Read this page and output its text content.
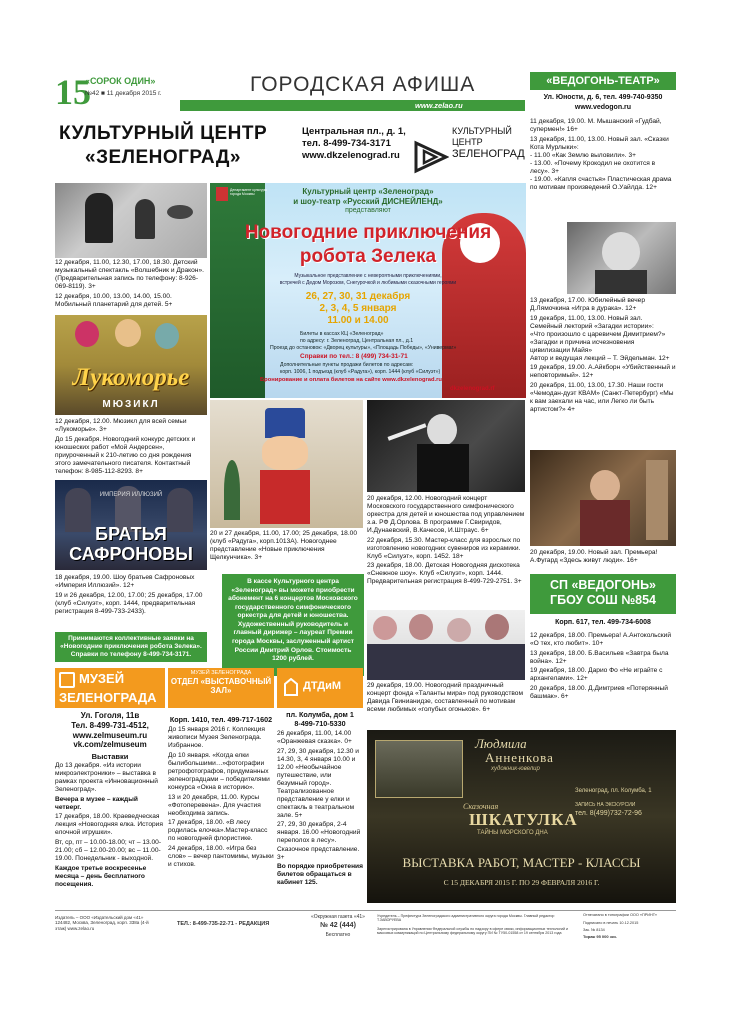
15
«СОРОК ОДИН»
№42 ■ 11 декабря 2015 г.	ГОРОДСКАЯ АФИША
www.zelao.ru
КУЛЬТУРНЫЙ ЦЕНТР
«ЗЕЛЕНОГРАД»
Центральная пл., д. 1,
тел. 8-499-734-3171
www.dkzelenograd.ru
КУЛЬТУРНЫЙ
ЦЕНТР
ЗЕЛЕНОГРАД

12 декабря, 11.00, 12.30, 17.00, 18.30. Детский музыкальный спектакль «Волшебник и Дракон». (Предварительная запись по телефону: 8-926-069-8119). 3+

12 декабря, 10.00, 13.00, 14.00, 15.00. Мобильный планетарий для детей. 5+

Лукоморье
МЮЗИКЛ

12 декабря, 12.00. Мюзикл для всей семьи «Лукоморье». 3+

До 15 декабря. Новогодний конкурс детских и юношеских работ «Мой Андерсен», приуроченный к 210-летию со дня рождения этого замечательного писателя. Контактный телефон: 8-985-112-8293. 8+

ИМПЕРИЯ ИЛЛЮЗИЙ
БРАТЬЯ
САФРОНОВЫ

18 декабря, 19.00. Шоу братьев Сафроновых «Империя Иллюзий». 12+

19 и 26 декабря, 12.00, 17.00; 25 декабря, 17.00 (клуб «Силуэт», корп. 1444, предварительная регистрация 8-499-733-2433).

Принимаются коллективные заявки на «Новогодние приключения робота Зелека». Справки по телефону 8-499-734-3171.
Департамент культуры города Москвы	Культурный центр «Зеленоград»
и шоу-театр «Русский ДИСНЕЙЛЕНД»
представляют
Новогодние приключения
робота Зелека
Музыкальное представление с невероятными приключениями,
встречей с Дедом Морозом, Снегурочкой и любимыми сказочными героями
26, 27, 30, 31 декабря
2, 3, 4, 5 января
11.00 и 14.00
Билеты в кассах КЦ «Зеленоград»
по адресу: г. Зеленоград, Центральная пл., д.1
Проезд до остановок: «Дворец культуры», «Площадь Победы», «Универмаг»
Справки по тел.: 8 (499) 734-31-71
Дополнительные пункты продажи билетов по адресам:
корп. 1006, 1 подъезд (клуб «Радуга»), корп. 1444 (клуб «Силуэт»)
Бронирование и оплата билетов на сайте www.dkzelenograd.ru
dkzelenograd.rf

20 и 27 декабря, 11.00, 17.00; 25 декабря, 18.00 (клуб «Радуга», корп.1013А). Новогоднее представление «Новые приключения Щелкунчика». 3+

В кассе Культурного центра «Зеленоград» вы можете приобрести абонемент на 6 концертов Московского государственного симфонического оркестра для детей и юношества. Художественный руководитель и главный дирижер – лауреат Премии города Москвы, заслуженный артист России Дмитрий Орлов. Стоимость 1200 рублей.

20 декабря, 12.00. Новогодний концерт Московского государственного симфонического оркестра для детей и юношества под управлением з.а. РФ Д.Орлова. В программе Г.Свиридов, И.Дунаевский, В.Качесов, И.Штраус. 6+

22 декабря, 15.30. Мастер-класс для взрослых по изготовлению новогодних сувениров из керамики. Клуб «Силуэт», корп. 1452. 18+

23 декабря, 18.00. Детская Новогодняя дискотека «Снежное шоу». Клуб «Силуэт», корп. 1444. Предварительная регистрация 8-499-729-2751. 3+

29 декабря, 19.00. Новогодний праздничный концерт фонда «Таланты мира» под руководством Давида Гвинианидзе, составленный по мотивам всеми любимых «голубых огоньков». 6+

«ВЕДОГОНЬ-ТЕАТР»
Ул. Юности, д. 6, тел. 499-740-9350
www.vedogon.ru

11 декабря, 19.00. М. Мышанский «Гудбай, супермен!» 16+

13 декабря, 11.00, 13.00. Новый зал. «Сказки Кота Мурлыки»:

- 11.00 «Как Землю выловили». 3+

- 13.00. «Почему Крокодил не охотится в лесу». 3+

- 19.00. «Капля счастья» Пластическая драма по мотивам произведений О.Уайлда. 12+

13 декабря, 17.00. Юбилейный вечер Д.Лямочкина «Игра в дурака». 12+

19 декабря, 11.00, 13.00. Новый зал. Семейный лекторий «Загадки истории»:

«Что произошло с царевичем Димитрием?»

«Загадки и причина исчезновения цивилизации Майя»

Автор и ведущая лекций – Т. Эйдельман. 12+

19 декабря, 19.00. А.Айкборн «Убийственный и неповторимый». 12+

20 декабря, 11.00, 13.00, 17.30. Наши гости «Чемодан-дуэт КВАМ» (Санкт-Петербург) «Мы к вам заехали на час, или Легко ли быть артистом?» 4+

20 декабря, 19.00. Новый зал. Премьера! А.Фугард «Здесь живут люди». 16+

СП «ВЕДОГОНЬ»
ГБОУ СОШ №854
Корп. 617, тел. 499-734-6008

12 декабря, 18.00. Премьера! А.Антокольский «О тех, кто любит». 10+

13 декабря, 18.00. Б.Васильев «Завтра была война». 12+

19 декабря, 18.00. Дарио Фо «Не играйте с архангелами». 12+

20 декабря, 18.00. Д.Димтриев «Потерянный башмак». 6+

МУЗЕЙ
ЗЕЛЕНОГРАДА

Ул. Гоголя, 11в

Тел. 8-499-731-4512,

www.zelmuseum.ru

vk.com/zelmuseum

Выставки

До 13 декабря. «Из истории микроэлектроники» – выставка в рамках проекта «Инновационный Зеленоград».

Вечера в музее – каждый четверг.

17 декабря, 18.00. Краеведческая лекция «Новогодняя елка. История елочной игрушки».

Вт, ср, пт – 10.00-18.00; чт – 13.00-21.00; сб – 12.00-20.00; вс – 11.00-19.00. Понедельник - выходной.

Каждое третье воскресенье месяца – день бесплатного посещения.

МУЗЕЙ ЗЕЛЕНОГРАДА
ОТДЕЛ «ВЫСТАВОЧНЫЙ
ЗАЛ»

Корп. 1410, тел. 499-717-1602

До 15 января 2016 г. Коллекция живописи Музея Зеленограда. Избранное.

До 10 января. «Когда елки былибольшими…»фотографии ретрофотографов, придуманных зеленоградцами – победителями конкурса «Окна в историю».

13 и 20 декабря, 11.00. Курсы «Фотоперевена». Для участия необходима запись.

17 декабря, 18.00. «В лесу родилась елочка».Мастер-класс по новогодней флористике.

24 декабря, 18.00. «Игра без слов» – вечер пантомимы, музыки и стихов.

ДТДиМ

пл. Колумба, дом 1

8-499-710-5330

26 декабря, 11.00, 14.00 «Оранжевая сказка». 0+

27, 29, 30 декабря, 12.30 и 14.30, 3, 4 января 10.00 и 12.00 «Необычайное путешествие, или безумный город». Театрализованное представление у елки и спектакль в театральном зале. 5+

27, 29, 30 декабря, 2-4 января. 16.00 «Новогодний переполох в лесу». Сказочное представление. 3+

Во порядке приобретения билетов обращаться в кабинет 125.

Людмила
Анненкова
художник-ювелир
Сказочная
ШКАТУЛКА
ТАЙНЫ МОРСКОГО ДНА
Зеленоград, пл. Колумба, 1
ЗАПИСЬ НА ЭКСКУРСИИ
тел. 8(499)732-72-96
ВЫСТАВКА РАБОТ, МАСТЕР - КЛАССЫ
С 15 ДЕКАБРЯ 2015 Г. ПО 29 ФЕВРАЛЯ 2016 Г.
Издатель – ООО «Издательский дом «41» 124482, Москва, Зеленоград, корп. 338а (4-й этаж) www.zelao.ru
ТЕЛ.: 8-499-735-22-71 - РЕДАКЦИЯ
«Окружная газета «41»
№ 42 (444)
Бесплатно
Учредитель – Префектура Зеленоградского административного округа города Москвы. Главный редактор Т.ЗАВОРУЕВА
Зарегистрирована в Управлении Федеральной службы по надзору в сфере связи, информационных технологий и массовых коммуникаций по Центральному федеральному округу ПИ № ТУ50-01558 от 19 сентября 2013 года
Отпечатано в типографии ООО «ПРИНТ»
Подписано в печать 10.12.2015
Зак. № 8134
Тираж 95 000 экз.
